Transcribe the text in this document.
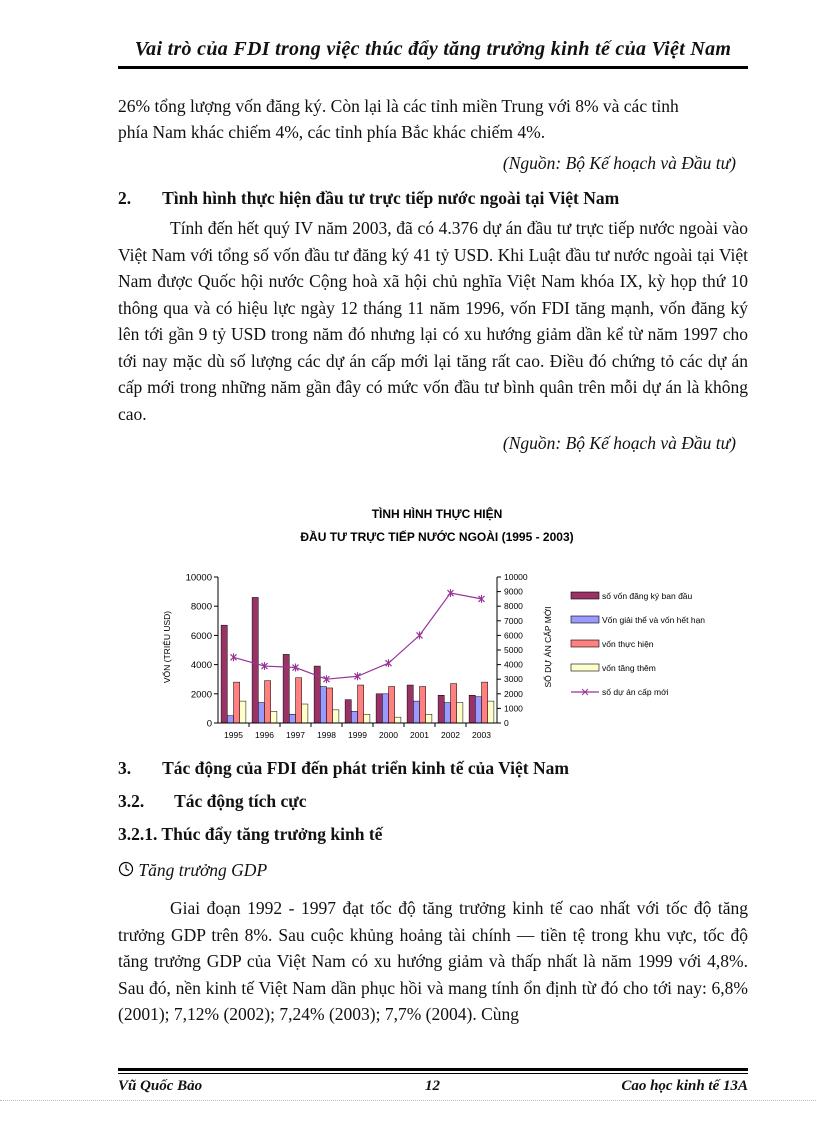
Vai trò của FDI trong việc thúc đẩy tăng trưởng kinh tế của Việt Nam
26% tổng lượng vốn đăng ký. Còn lại là các tỉnh miền Trung với 8% và các tỉnh
phía Nam khác chiếm 4%, các tỉnh phía Bắc khác chiếm 4%.
(Nguồn: Bộ Kế hoạch và Đầu tư)
2. Tình hình thực hiện đầu tư trực tiếp nước ngoài tại Việt Nam
Tính đến hết quý IV năm 2003, đã có 4.376 dự án đầu tư trực tiếp nước ngoài vào Việt Nam với tổng số vốn đầu tư đăng ký 41 tỷ USD. Khi Luật đầu tư nước ngoài tại Việt Nam được Quốc hội nước Cộng hoà xã hội chủ nghĩa Việt Nam khóa IX, kỳ họp thứ 10 thông qua và có hiệu lực ngày 12 tháng 11 năm 1996, vốn FDI tăng mạnh, vốn đăng ký lên tới gần 9 tỷ USD trong năm đó nhưng lại có xu hướng giảm dần kể từ năm 1997 cho tới nay mặc dù số lượng các dự án cấp mới lại tăng rất cao. Điều đó chứng tỏ các dự án cấp mới trong những năm gần đây có mức vốn đầu tư bình quân trên mỗi dự án là không cao.
(Nguồn: Bộ Kế hoạch và Đầu tư)
TÌNH HÌNH THỰC HIỆN
ĐẦU TƯ TRỰC TIẾP NƯỚC NGOÀI (1995 - 2003)
10000
8000
6000
4000
2000
0
10000
9000
8000
7000
6000
5000
4000
3000
2000
1000
0
VỐN (TRIỆU USD)	SỐ DỰ ÁN CẤP MỚI
1995 1996 1997 1998 1999 2000 2001 2002 2003
số vốn đăng ký ban đầu
Vốn giải thể và vốn hết hạn
vốn thực hiện
vốn tăng thêm
số dự án cấp mới
3. Tác động của FDI đến phát triển kinh tế của Việt Nam
3.2. Tác động tích cực
3.2.1. Thúc đẩy tăng trưởng kinh tế
Tăng trưởng GDP
Giai đoạn 1992 - 1997 đạt tốc độ tăng trưởng kinh tế cao nhất với tốc độ tăng trưởng GDP trên 8%. Sau cuộc khủng hoảng tài chính — tiền tệ trong khu vực, tốc độ tăng trưởng GDP của Việt Nam có xu hướng giảm và thấp nhất là năm 1999 với 4,8%. Sau đó, nền kinh tế Việt Nam dần phục hồi và mang tính ổn định từ đó cho tới nay: 6,8% (2001); 7,12% (2002); 7,24% (2003); 7,7% (2004). Cùng
Vũ Quốc Bảo	12	Cao học kinh tế 13A
